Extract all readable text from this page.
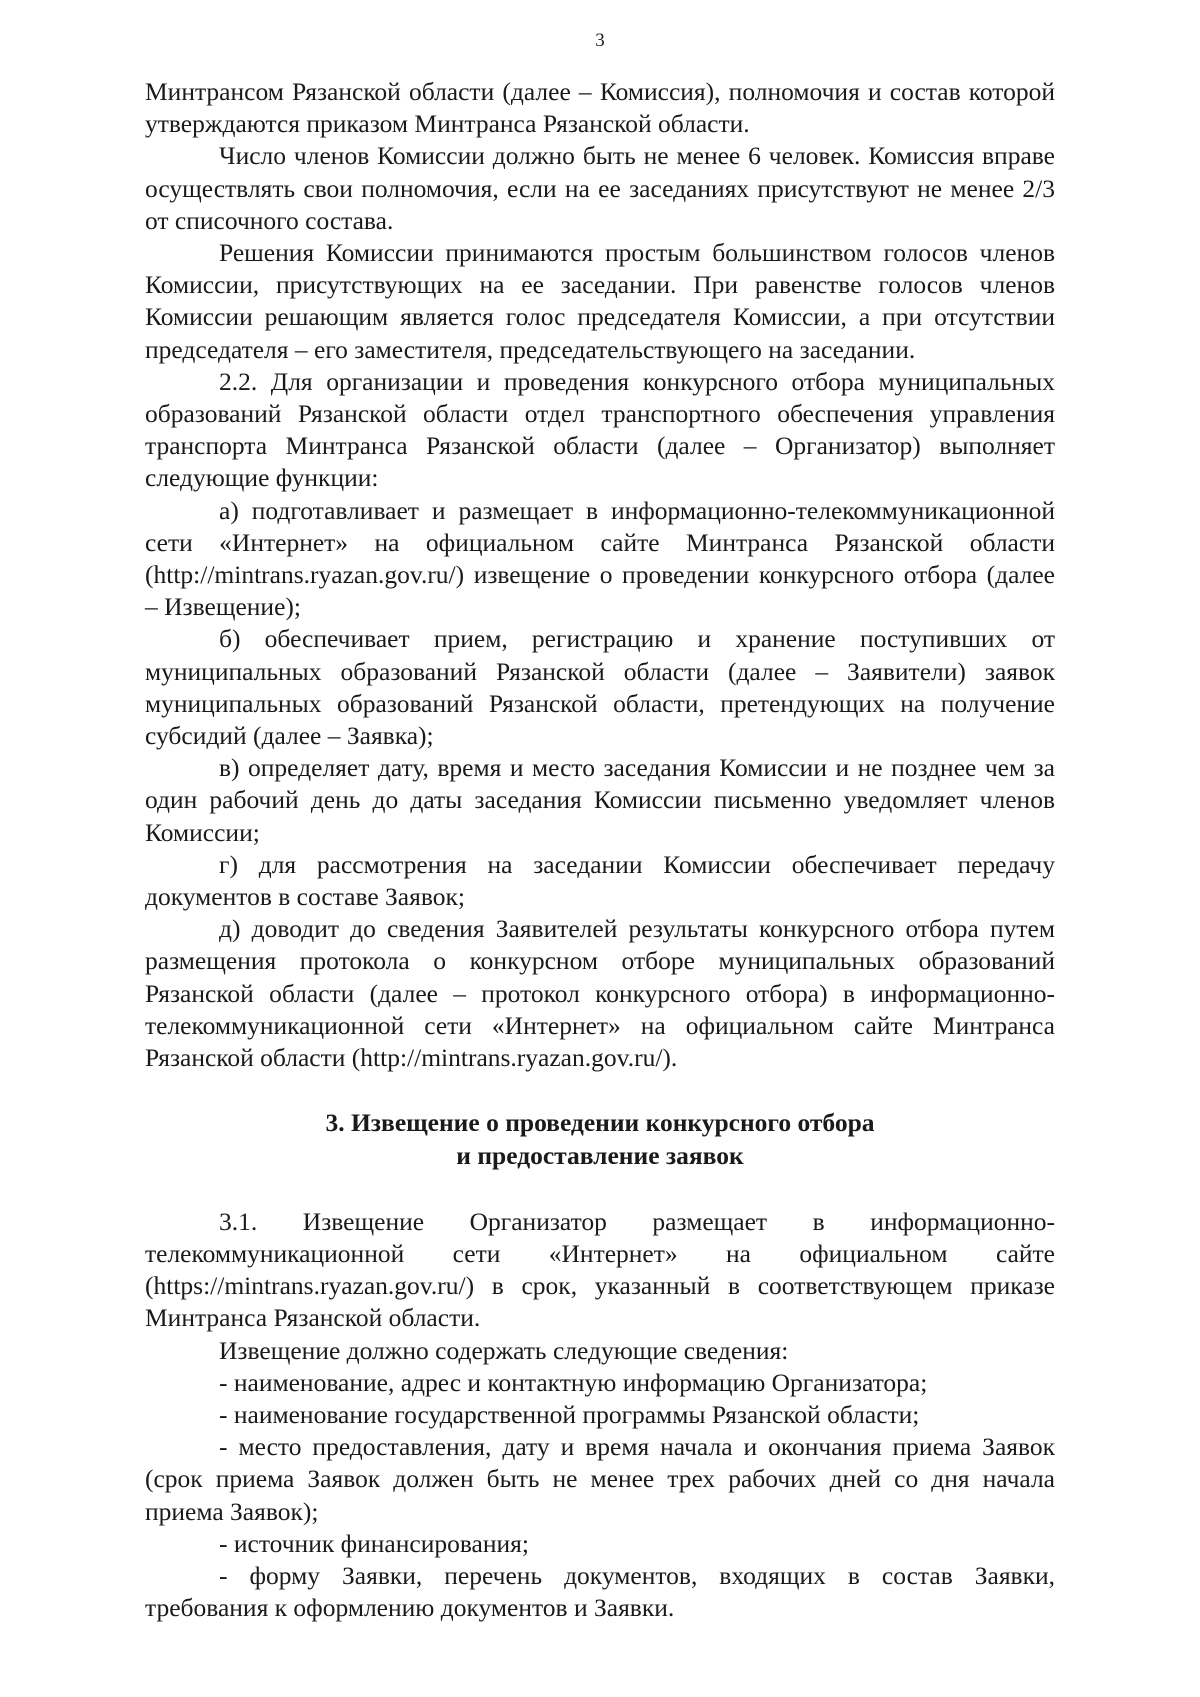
3

Минтрансом Рязанской области (далее – Комиссия), полномочия и состав которой утверждаются приказом Минтранса Рязанской области.

Число членов Комиссии должно быть не менее 6 человек. Комиссия вправе осуществлять свои полномочия, если на ее заседаниях присутствуют не менее 2/3 от списочного состава.

Решения Комиссии принимаются простым большинством голосов членов Комиссии, присутствующих на ее заседании. При равенстве голосов членов Комиссии решающим является голос председателя Комиссии, а при отсутствии председателя – его заместителя, председательствующего на заседании.

2.2. Для организации и проведения конкурсного отбора муниципальных образований Рязанской области отдел транспортного обеспечения управления транспорта Минтранса Рязанской области (далее – Организатор) выполняет следующие функции:

а) подготавливает и размещает в информационно-телекоммуникационной сети «Интернет» на официальном сайте Минтранса Рязанской области (http://mintrans.ryazan.gov.ru/) извещение о проведении конкурсного отбора (далее – Извещение);

б) обеспечивает прием, регистрацию и хранение поступивших от муниципальных образований Рязанской области (далее – Заявители) заявок муниципальных образований Рязанской области, претендующих на получение субсидий (далее – Заявка);

в) определяет дату, время и место заседания Комиссии и не позднее чем за один рабочий день до даты заседания Комиссии письменно уведомляет членов Комиссии;

г) для рассмотрения на заседании Комиссии обеспечивает передачу документов в составе Заявок;

д) доводит до сведения Заявителей результаты конкурсного отбора путем размещения протокола о конкурсном отборе муниципальных образований Рязанской области (далее – протокол конкурсного отбора) в информационно-телекоммуникационной сети «Интернет» на официальном сайте Минтранса Рязанской области (http://mintrans.ryazan.gov.ru/).

3. Извещение о проведении конкурсного отбора
и предоставление заявок

3.1. Извещение Организатор размещает в информационно-телекоммуникационной сети «Интернет» на официальном сайте (https://mintrans.ryazan.gov.ru/) в срок, указанный в соответствующем приказе Минтранса Рязанской области.

Извещение должно содержать следующие сведения:

- наименование, адрес и контактную информацию Организатора;

- наименование государственной программы Рязанской области;

- место предоставления, дату и время начала и окончания приема Заявок (срок приема Заявок должен быть не менее трех рабочих дней со дня начала приема Заявок);

- источник финансирования;

- форму Заявки, перечень документов, входящих в состав Заявки, требования к оформлению документов и Заявки.
